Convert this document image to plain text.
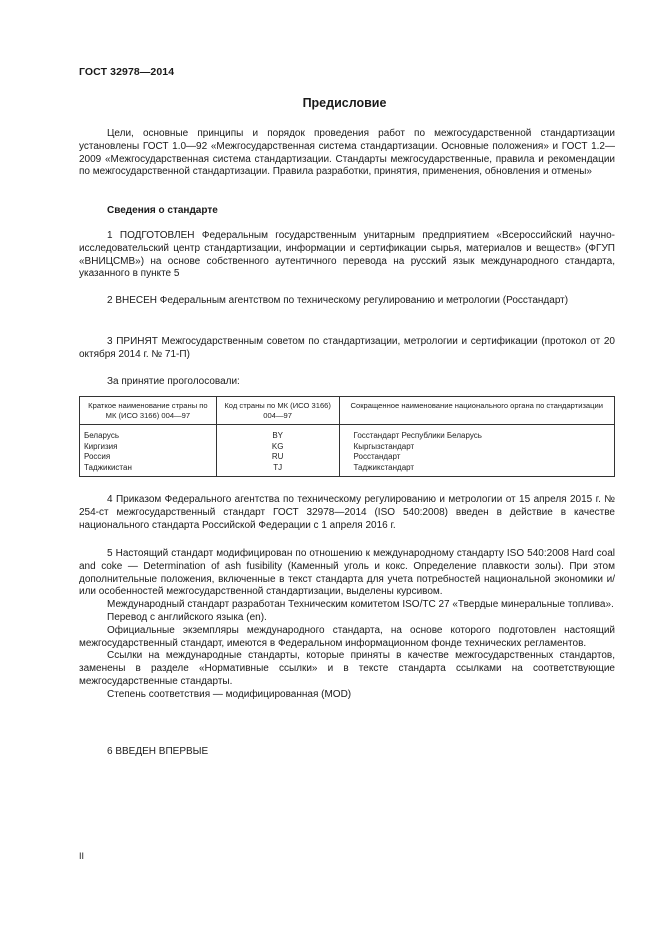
ГОСТ 32978—2014
Предисловие

Цели, основные принципы и порядок проведения работ по межгосударственной стандартизации установлены ГОСТ 1.0—92 «Межгосударственная система стандартизации. Основные положения» и ГОСТ 1.2—2009 «Межгосударственная система стандартизации. Стандарты межгосударственные, правила и рекомендации по межгосударственной стандартизации. Правила разработки, принятия, применения, обновления и отмены»

Сведения о стандарте

1 ПОДГОТОВЛЕН Федеральным государственным унитарным предприятием «Всероссийский научно-исследовательский центр стандартизации, информации и сертификации сырья, материалов и веществ» (ФГУП «ВНИЦСМВ») на основе собственного аутентичного перевода на русский язык международного стандарта, указанного в пункте 5

2 ВНЕСЕН Федеральным агентством по техническому регулированию и метрологии (Росстандарт)

3 ПРИНЯТ Межгосударственным советом по стандартизации, метрологии и сертификации (протокол от 20 октября 2014 г. № 71-П)

За принятие проголосовали:

Краткое наименование страны по МК (ИСО 3166) 004—97	Код страны по МК (ИСО 3166) 004—97	Сокращенное наименование национального органа по стандартизации
Беларусь	BY	Госстандарт Республики Беларусь
Киргизия	KG	Кыргызстандарт
Россия	RU	Росстандарт
Таджикистан	TJ	Таджикстандарт

4 Приказом Федерального агентства по техническому регулированию и метрологии от 15 апреля 2015 г. № 254-ст межгосударственный стандарт ГОСТ 32978—2014 (ISO 540:2008) введен в действие в качестве национального стандарта Российской Федерации с 1 апреля 2016 г.

5 Настоящий стандарт модифицирован по отношению к международному стандарту ISO 540:2008 Hard coal and coke — Determination of ash fusibility (Каменный уголь и кокс. Определение плавкости золы). При этом дополнительные положения, включенные в текст стандарта для учета потребностей национальной экономики и/или особенностей межгосударственной стандартизации, выделены курсивом.

Международный стандарт разработан Техническим комитетом ISO/TC 27 «Твердые минеральные топлива».

Перевод с английского языка (en).

Официальные экземпляры международного стандарта, на основе которого подготовлен настоящий межгосударственный стандарт, имеются в Федеральном информационном фонде технических регламентов.

Ссылки на международные стандарты, которые приняты в качестве межгосударственных стандартов, заменены в разделе «Нормативные ссылки» и в тексте стандарта ссылками на соответствующие межгосударственные стандарты.

Степень соответствия — модифицированная (MOD)

6 ВВЕДЕН ВПЕРВЫЕ

II
